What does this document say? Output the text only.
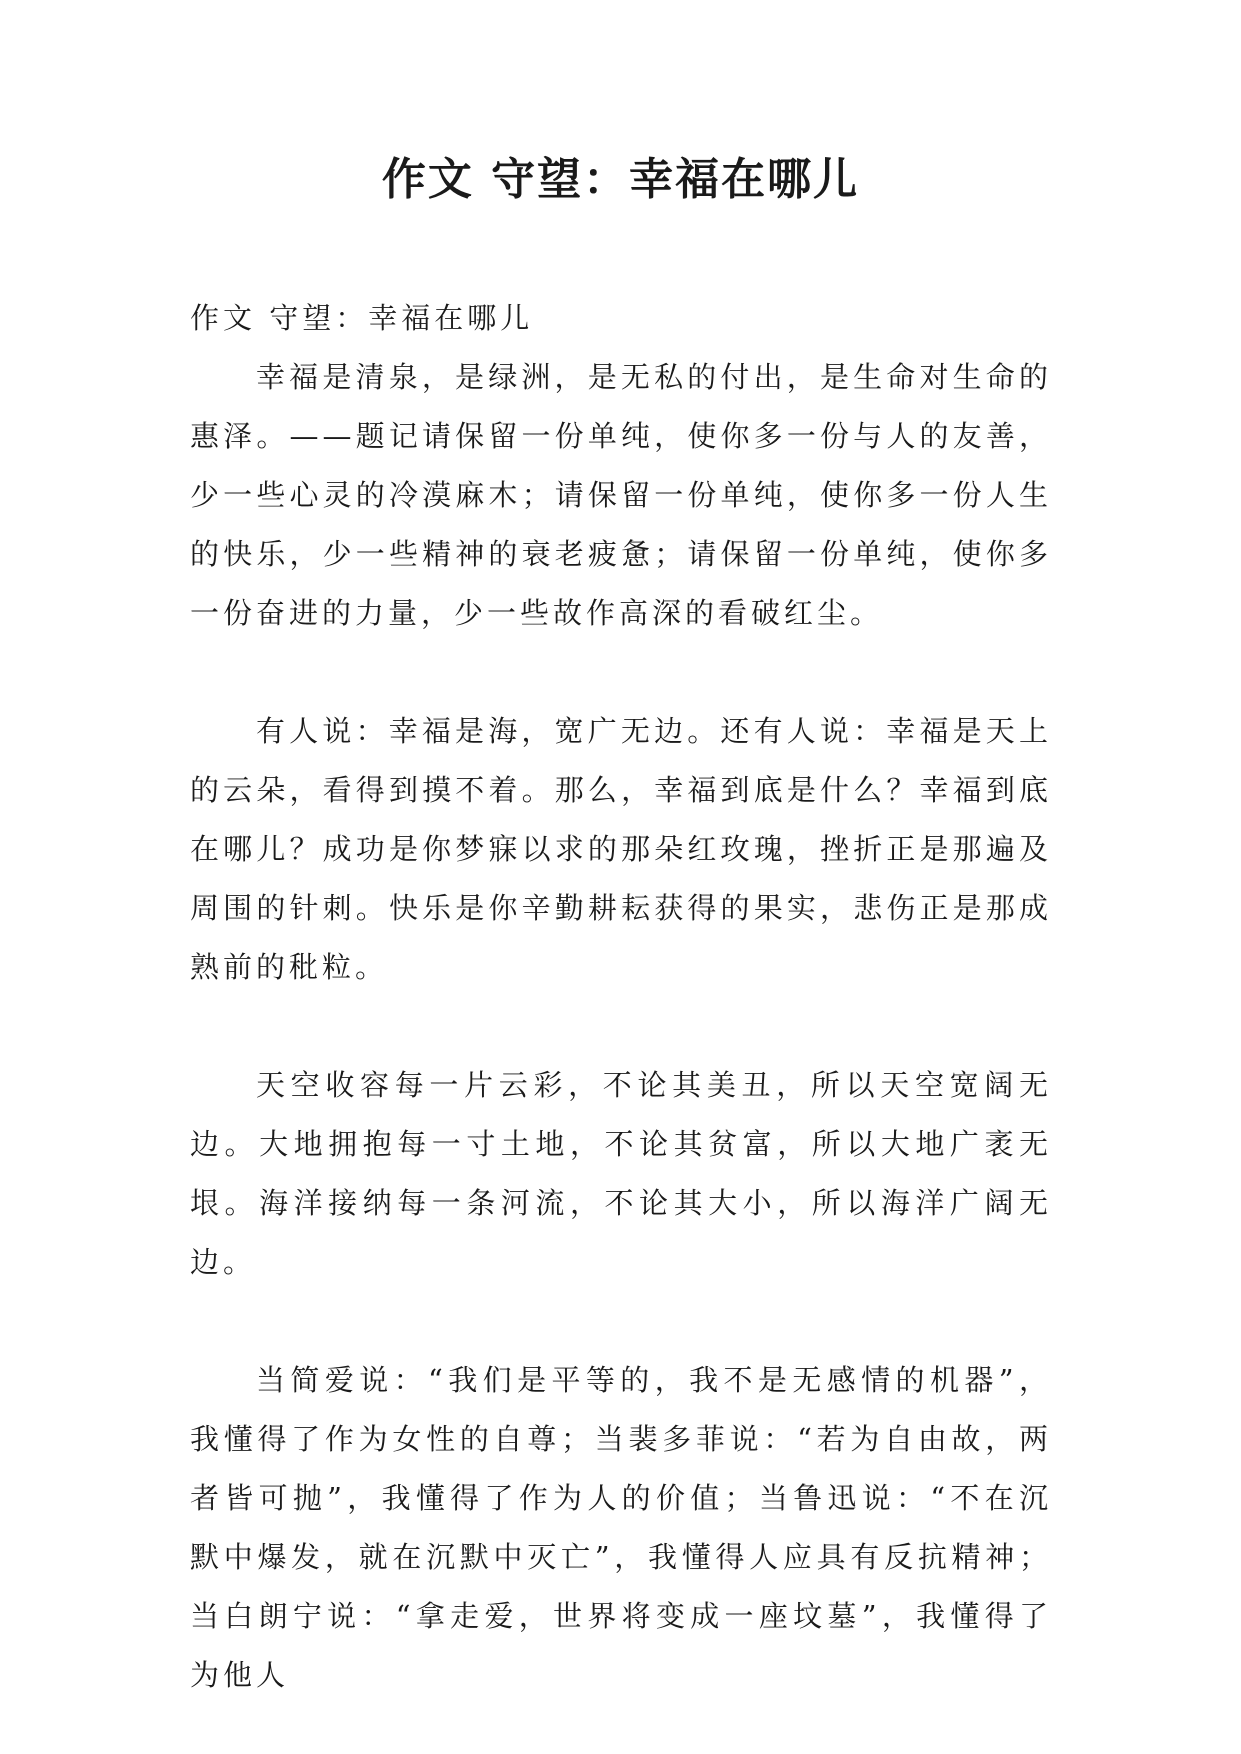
作文 守望：幸福在哪儿

作文 守望：幸福在哪儿

幸福是清泉，是绿洲，是无私的付出，是生命对生命的惠泽。——题记请保留一份单纯，使你多一份与人的友善，少一些心灵的冷漠麻木；请保留一份单纯，使你多一份人生的快乐，少一些精神的衰老疲惫；请保留一份单纯，使你多一份奋进的力量，少一些故作高深的看破红尘。

有人说：幸福是海，宽广无边。还有人说：幸福是天上的云朵，看得到摸不着。那么，幸福到底是什么？幸福到底在哪儿？成功是你梦寐以求的那朵红玫瑰，挫折正是那遍及周围的针刺。快乐是你辛勤耕耘获得的果实，悲伤正是那成熟前的秕粒。

天空收容每一片云彩，不论其美丑，所以天空宽阔无边。大地拥抱每一寸土地，不论其贫富，所以大地广袤无垠。海洋接纳每一条河流，不论其大小，所以海洋广阔无边。

当简爱说：“我们是平等的，我不是无感情的机器”，我懂得了作为女性的自尊；当裴多菲说：“若为自由故，两者皆可抛”，我懂得了作为人的价值；当鲁迅说：“不在沉默中爆发，就在沉默中灭亡”，我懂得人应具有反抗精神；当白朗宁说：“拿走爱，世界将变成一座坟墓”，我懂得了为他人
